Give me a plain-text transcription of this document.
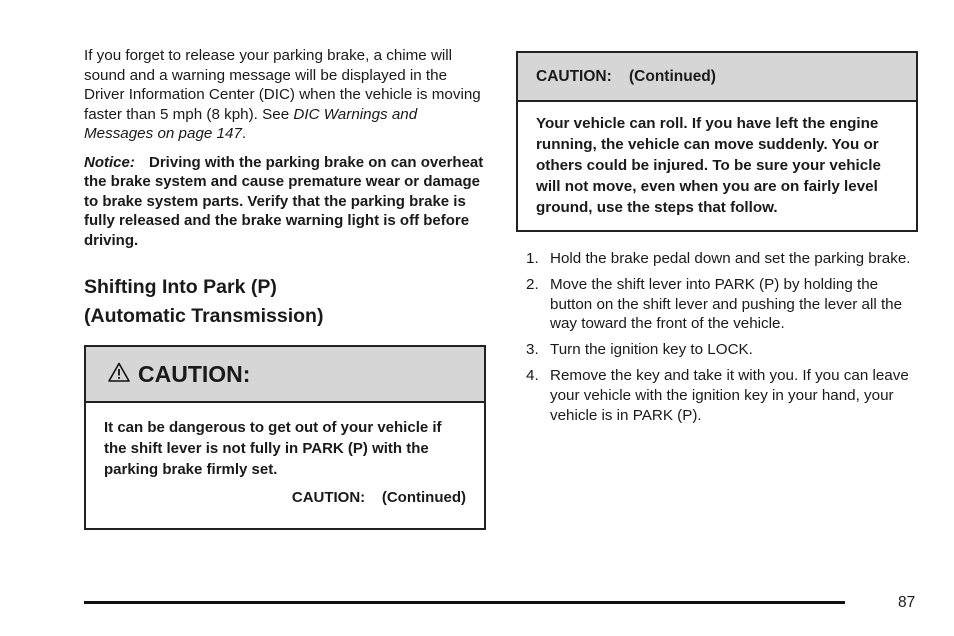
If you forget to release your parking brake, a chime will sound and a warning message will be displayed in the Driver Information Center (DIC) when the vehicle is moving faster than 5 mph (8 kph). See DIC Warnings and Messages on page 147.

Notice: Driving with the parking brake on can overheat the brake system and cause premature wear or damage to brake system parts. Verify that the parking brake is fully released and the brake warning light is off before driving.

Shifting Into Park (P)
(Automatic Transmission)
CAUTION:
It can be dangerous to get out of your vehicle if the shift lever is not fully in PARK (P) with the parking brake firmly set.
CAUTION:    (Continued)
CAUTION:    (Continued)
Your vehicle can roll. If you have left the engine running, the vehicle can move suddenly. You or others could be injured. To be sure your vehicle will not move, even when you are on fairly level ground, use the steps that follow.
1. Hold the brake pedal down and set the parking brake.
2. Move the shift lever into PARK (P) by holding the button on the shift lever and pushing the lever all the way toward the front of the vehicle.
3. Turn the ignition key to LOCK.
4. Remove the key and take it with you. If you can leave your vehicle with the ignition key in your hand, your vehicle is in PARK (P).
87
